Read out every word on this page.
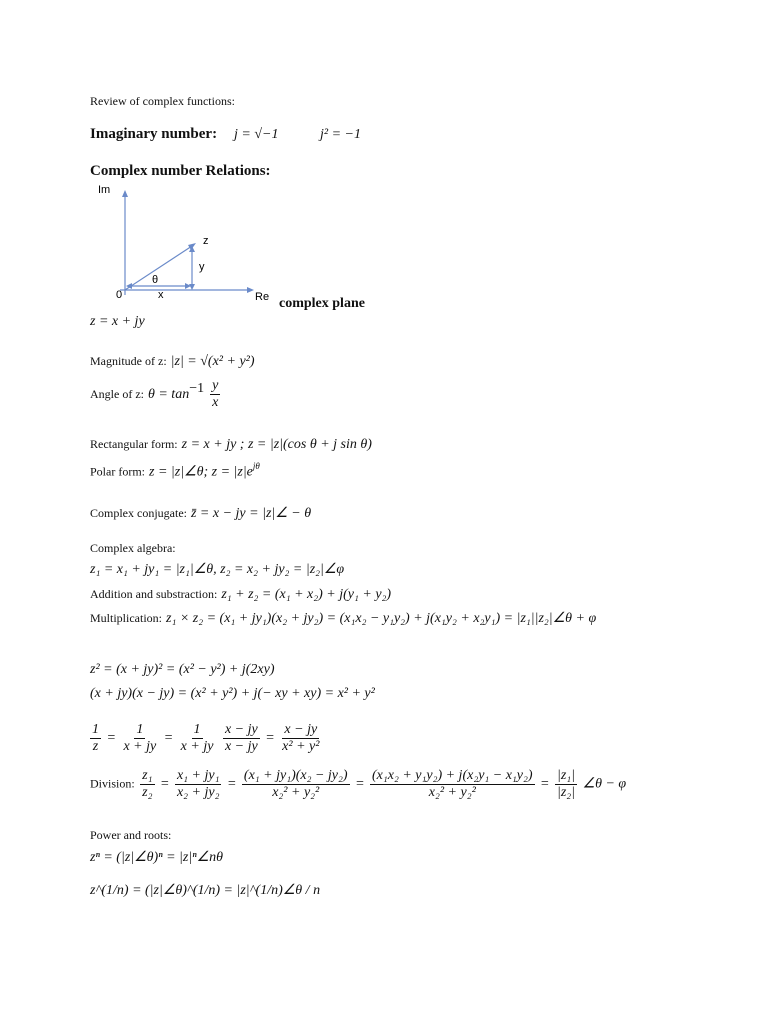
Review of complex functions:
Imaginary number: j = √−1	j² = −1
Complex number Relations:
Im
Re
0	x
y
z
θ
complex plane
z = x + jy
Magnitude of z: |z| = √(x² + y²)
Angle of z: $\theta = \tan^{-1} \frac{y}{x}$
Rectangular form: z = x + jy ; z = |z|(cos θ + j sin θ)
Polar form: z = |z|∠θ; $z = |z|e^{j\theta}$
Complex conjugate: z̄ = x − jy = |z|∠ − θ
Complex algebra:
z₁ = x₁ + jy₁ = |z₁|∠θ, z₂ = x₂ + jy₂ = |z₂|∠φ
Addition and substraction: z₁ + z₂ = (x₁ + x₂) + j(y₁ + y₂)
Multiplication: z₁ × z₂ = (x₁ + jy₁)(x₂ + jy₂) = (x₁x₂ − y₁y₂) + j(x₁y₂ + x₂y₁) = |z₁||z₂|∠θ + φ
z² = (x + jy)² = (x² − y²) + j(2xy)
(x + jy)(x − jy) = (x² + y²) + j(− xy + xy) = x² + y²
$\frac{1}{z} = \frac{1}{x + jy} = \frac{1}{x + jy}$
$\frac{x - jy}{x - jy} = \frac{x - jy}{\text{x² + y²}}$
Division: $\frac{\text{z₁}}{\text{z₂}} = \frac{\text{x₁ + jy₁}}{\text{x₂ + jy₂}} = \frac{\text{(x₁ + jy₁)(x₂ − jy₂)}}{\text{x₂² + y₂²}} = \frac{\text{(x₁x₂ + y₁y₂) + j(x₂y₁ − x₁y₂)}}{\text{x₂² + y₂²}} = \frac{\text{|z₁|}}{\text{|z₂|}}$ ∠θ − φ
Power and roots:
zⁿ = (|z|∠θ)ⁿ = |z|ⁿ∠nθ
z^(1/n) = (|z|∠θ)^(1/n) = |z|^(1/n)∠θ / n
